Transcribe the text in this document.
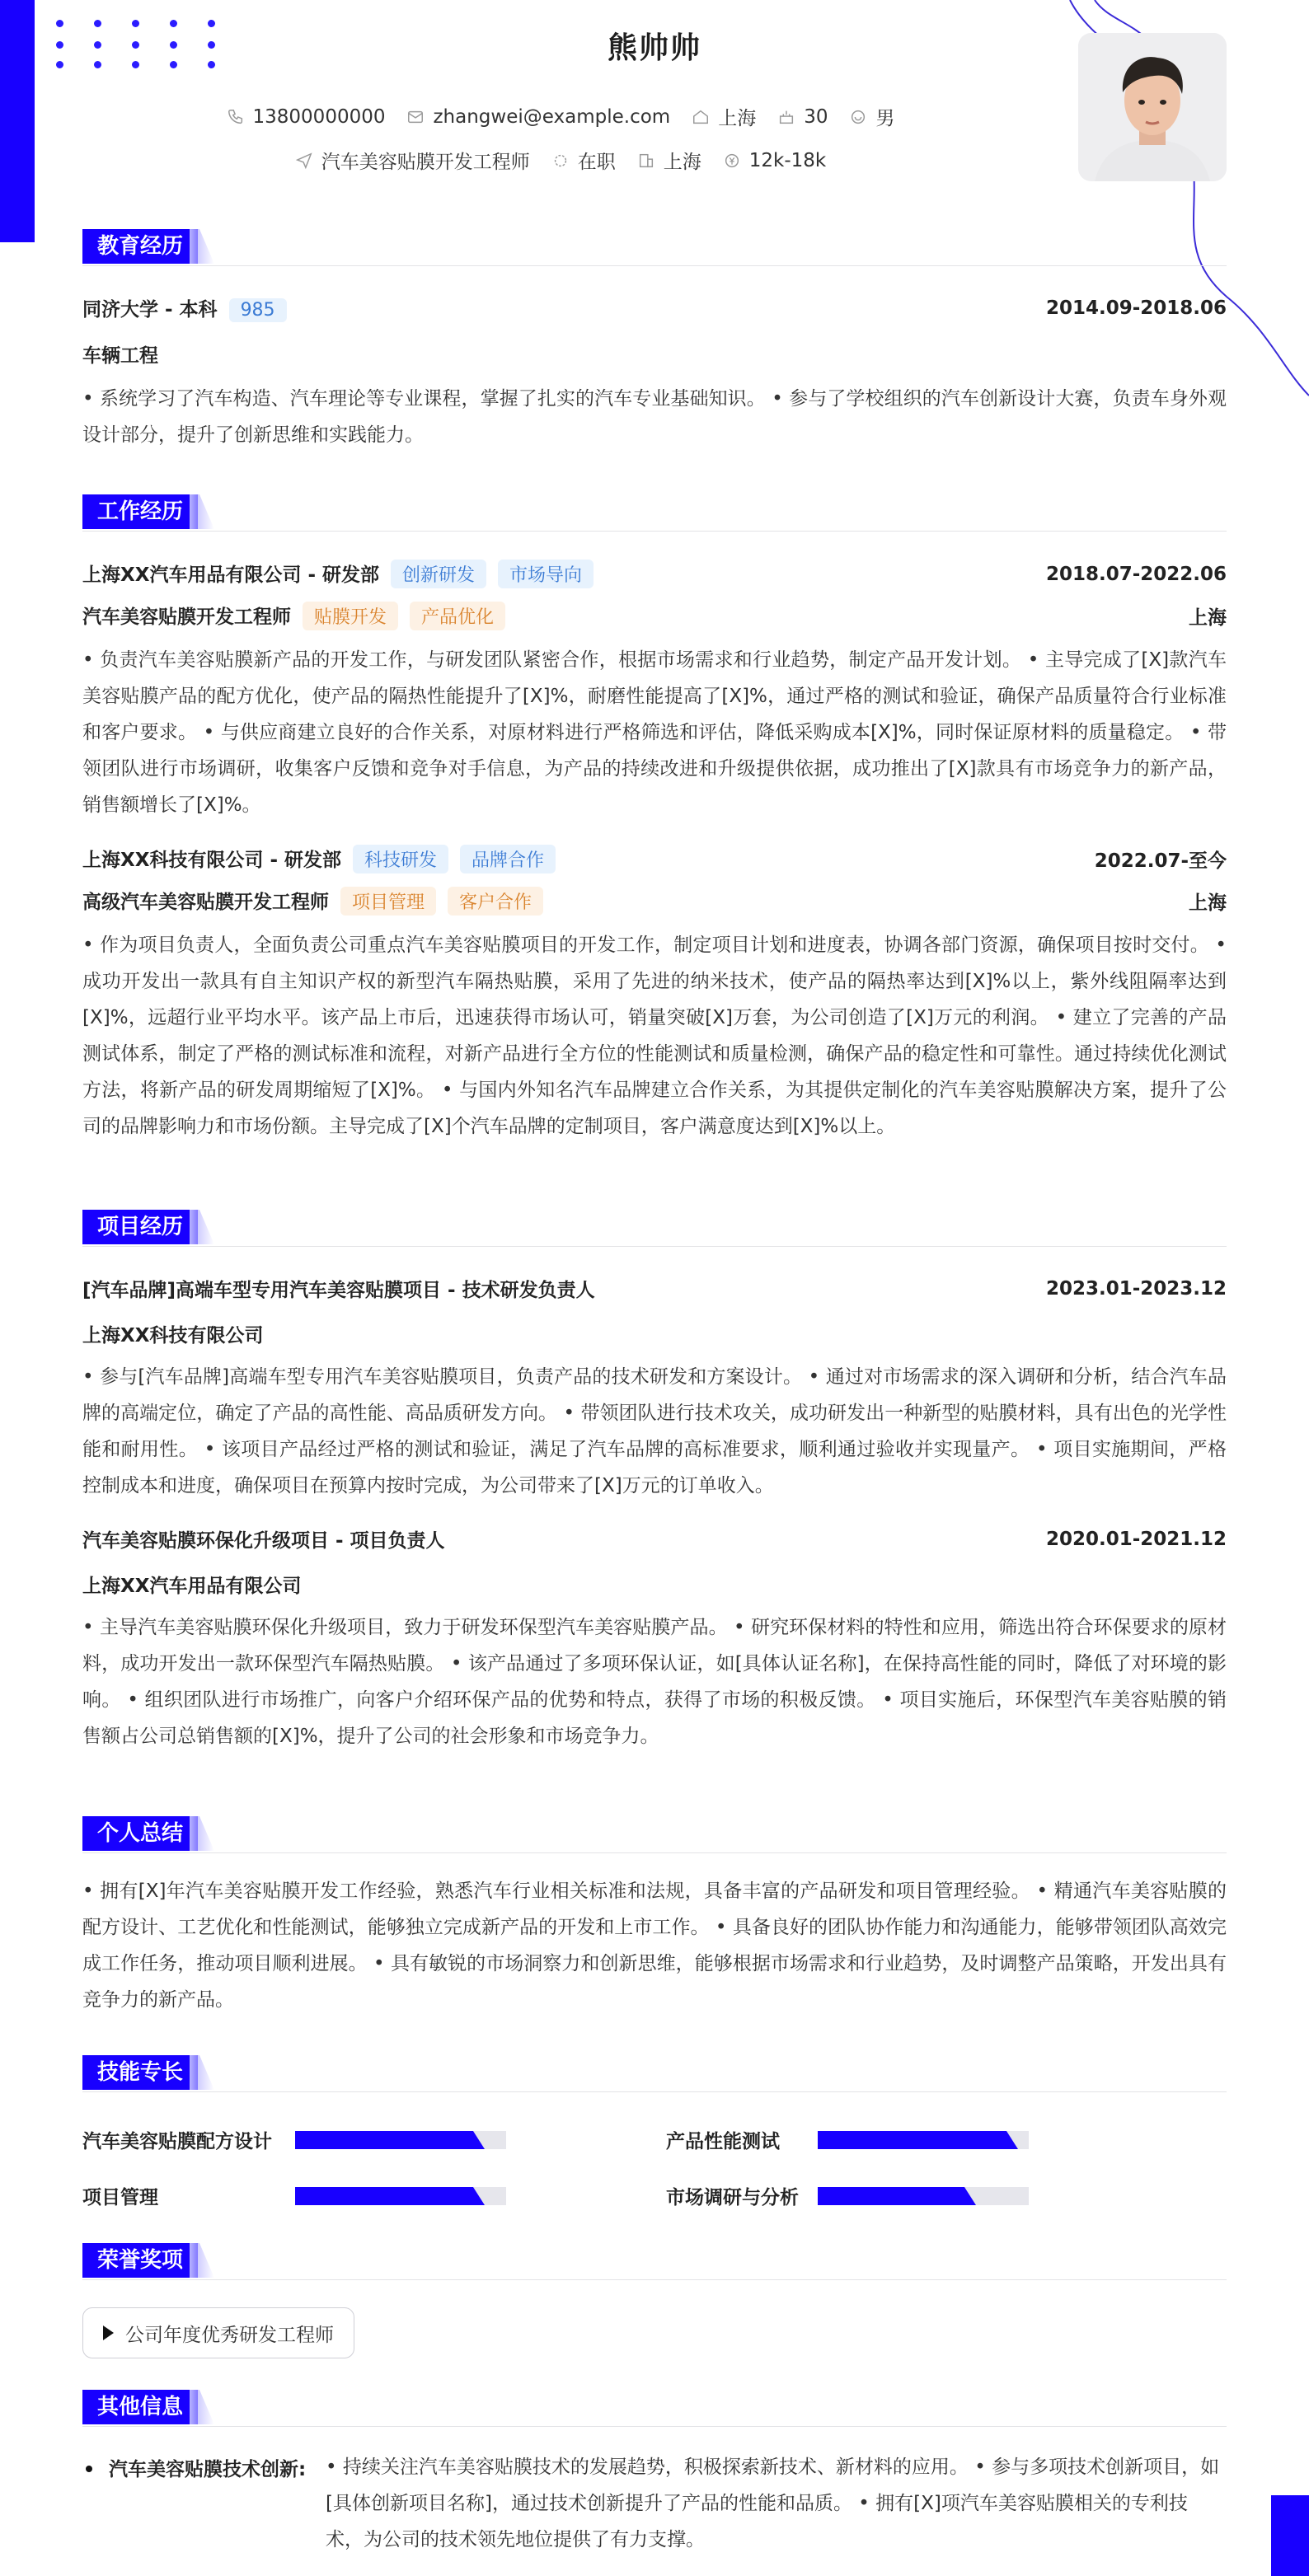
熊帅帅
13800000000	zhangwei@example.com	上海	30	男
汽车美容贴膜开发工程师	在职	上海	12k-18k
教育经历
同济大学 - 本科 985	2014.09-2018.06
车辆工程
• 系统学习了汽车构造、汽车理论等专业课程，掌握了扎实的汽车专业基础知识。 • 参与了学校组织的汽车创新设计大赛，负责车身外观设计部分，提升了创新思维和实践能力。
工作经历
上海XX汽车用品有限公司 - 研发部 创新研发 市场导向	2018.07-2022.06
汽车美容贴膜开发工程师 贴膜开发 产品优化	上海
• 负责汽车美容贴膜新产品的开发工作，与研发团队紧密合作，根据市场需求和行业趋势，制定产品开发计划。 • 主导完成了[X]款汽车美容贴膜产品的配方优化，使产品的隔热性能提升了[X]%，耐磨性能提高了[X]%，通过严格的测试和验证，确保产品质量符合行业标准和客户要求。 • 与供应商建立良好的合作关系，对原材料进行严格筛选和评估，降低采购成本[X]%，同时保证原材料的质量稳定。 • 带领团队进行市场调研，收集客户反馈和竞争对手信息，为产品的持续改进和升级提供依据，成功推出了[X]款具有市场竞争力的新产品，销售额增长了[X]%。
上海XX科技有限公司 - 研发部 科技研发 品牌合作	2022.07-至今
高级汽车美容贴膜开发工程师 项目管理 客户合作	上海
• 作为项目负责人，全面负责公司重点汽车美容贴膜项目的开发工作，制定项目计划和进度表，协调各部门资源，确保项目按时交付。 • 成功开发出一款具有自主知识产权的新型汽车隔热贴膜，采用了先进的纳米技术，使产品的隔热率达到[X]%以上，紫外线阻隔率达到[X]%，远超行业平均水平。该产品上市后，迅速获得市场认可，销量突破[X]万套，为公司创造了[X]万元的利润。 • 建立了完善的产品测试体系，制定了严格的测试标准和流程，对新产品进行全方位的性能测试和质量检测，确保产品的稳定性和可靠性。通过持续优化测试方法，将新产品的研发周期缩短了[X]%。 • 与国内外知名汽车品牌建立合作关系，为其提供定制化的汽车美容贴膜解决方案，提升了公司的品牌影响力和市场份额。主导完成了[X]个汽车品牌的定制项目，客户满意度达到[X]%以上。
项目经历
[汽车品牌]高端车型专用汽车美容贴膜项目 - 技术研发负责人	2023.01-2023.12
上海XX科技有限公司
• 参与[汽车品牌]高端车型专用汽车美容贴膜项目，负责产品的技术研发和方案设计。 • 通过对市场需求的深入调研和分析，结合汽车品牌的高端定位，确定了产品的高性能、高品质研发方向。 • 带领团队进行技术攻关，成功研发出一种新型的贴膜材料，具有出色的光学性能和耐用性。 • 该项目产品经过严格的测试和验证，满足了汽车品牌的高标准要求，顺利通过验收并实现量产。 • 项目实施期间，严格控制成本和进度，确保项目在预算内按时完成，为公司带来了[X]万元的订单收入。
汽车美容贴膜环保化升级项目 - 项目负责人	2020.01-2021.12
上海XX汽车用品有限公司
• 主导汽车美容贴膜环保化升级项目，致力于研发环保型汽车美容贴膜产品。 • 研究环保材料的特性和应用，筛选出符合环保要求的原材料，成功开发出一款环保型汽车隔热贴膜。 • 该产品通过了多项环保认证，如[具体认证名称]，在保持高性能的同时，降低了对环境的影响。 • 组织团队进行市场推广，向客户介绍环保产品的优势和特点，获得了市场的积极反馈。 • 项目实施后，环保型汽车美容贴膜的销售额占公司总销售额的[X]%，提升了公司的社会形象和市场竞争力。
个人总结
• 拥有[X]年汽车美容贴膜开发工作经验，熟悉汽车行业相关标准和法规，具备丰富的产品研发和项目管理经验。 • 精通汽车美容贴膜的配方设计、工艺优化和性能测试，能够独立完成新产品的开发和上市工作。 • 具备良好的团队协作能力和沟通能力，能够带领团队高效完成工作任务，推动项目顺利进展。 • 具有敏锐的市场洞察力和创新思维，能够根据市场需求和行业趋势，及时调整产品策略，开发出具有竞争力的新产品。
技能专长
汽车美容贴膜配方设计	产品性能测试
项目管理	市场调研与分析
荣誉奖项
公司年度优秀研发工程师
其他信息
汽车美容贴膜技术创新: • 持续关注汽车美容贴膜技术的发展趋势，积极探索新技术、新材料的应用。 • 参与多项技术创新项目，如[具体创新项目名称]，通过技术创新提升了产品的性能和品质。 • 拥有[X]项汽车美容贴膜相关的专利技术，为公司的技术领先地位提供了有力支撑。
